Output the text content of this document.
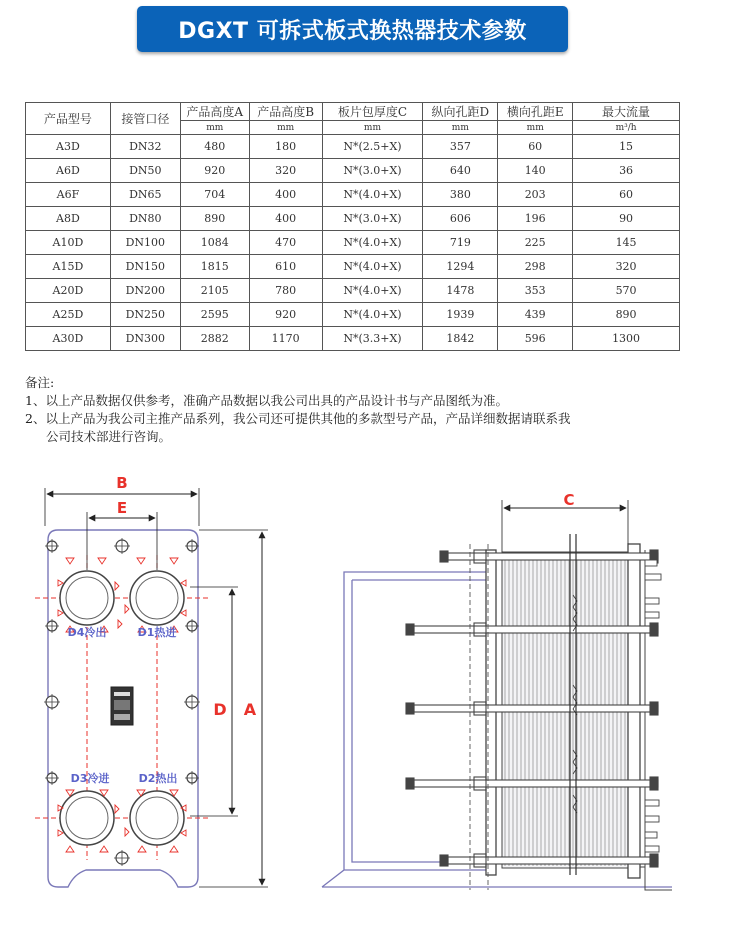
DGXT 可拆式板式换热器技术参数
产品型号	接管口径	产品高度A	产品高度B	板片包厚度C	纵向孔距D	横向孔距E	最大流量
		mm	mm	mm	mm	mm	m³/h
A3D	DN32	480	180	N*(2.5+X)	357	60	15
A6D	DN50	920	320	N*(3.0+X)	640	140	36
A6F	DN65	704	400	N*(4.0+X)	380	203	60
A8D	DN80	890	400	N*(3.0+X)	606	196	90
A10D	DN100	1084	470	N*(4.0+X)	719	225	145
A15D	DN150	1815	610	N*(4.0+X)	1294	298	320
A20D	DN200	2105	780	N*(4.0+X)	1478	353	570
A25D	DN250	2595	920	N*(4.0+X)	1939	439	890
A30D	DN300	2882	1170	N*(3.3+X)	1842	596	1300

备注:

1、以上产品数据仅供参考，准确产品数据以我公司出具的产品设计书与产品图纸为准。

2、以上产品为我公司主推产品系列，我公司还可提供其他的多款型号产品，产品详细数据请联系我

公司技术部进行咨询。

D4冷出	D1热进
D3冷进	D2热出
B
E
D A
C
